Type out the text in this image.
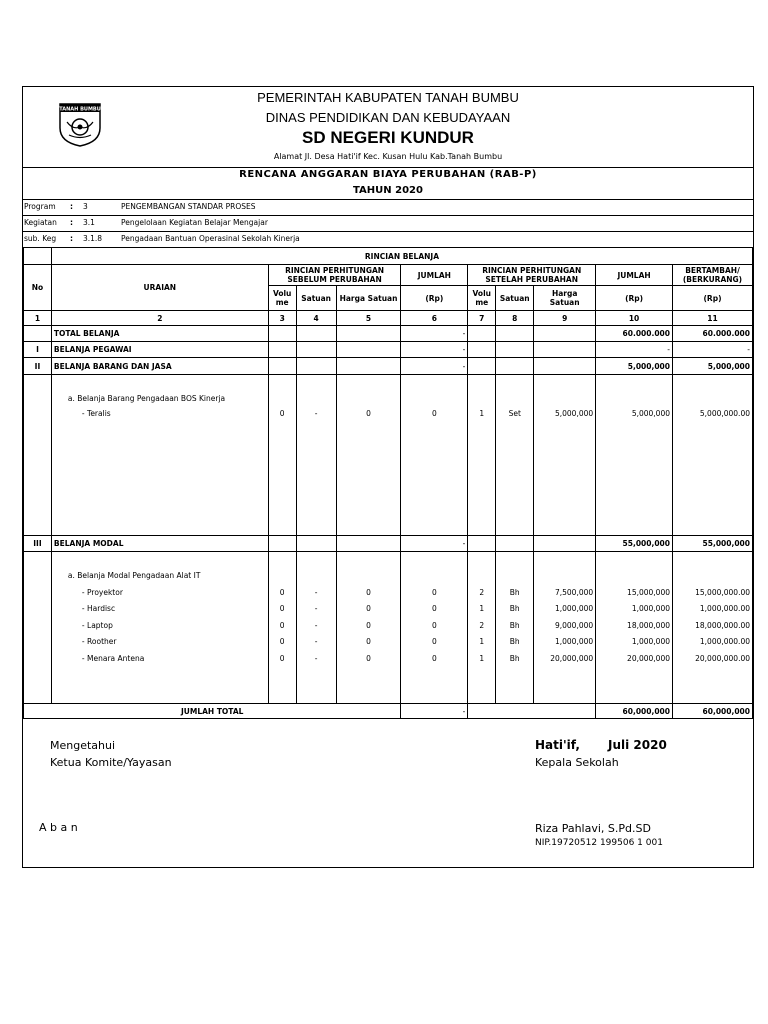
TANAH BUMBU
PEMERINTAH KABUPATEN TANAH BUMBU
DINAS PENDIDIKAN DAN KEBUDAYAAN
SD NEGERI KUNDUR
Alamat Jl. Desa Hati'if Kec. Kusan Hulu Kab.Tanah Bumbu
RENCANA ANGGARAN BIAYA PERUBAHAN (RAB-P)
TAHUN 2020
Program : 3	PENGEMBANGAN STANDAR PROSES
Kegiatan : 3.1	Pengelolaan Kegiatan Belajar Mengajar
sub. Keg : 3.1.8	Pengadaan Bantuan Operasinal Sekolah Kinerja
	RINCIAN BELANJA									
No	URAIAN	RINCIAN PERHITUNGAN SEBELUM PERUBAHAN			JUMLAH	RINCIAN PERHITUNGAN SETELAH PERUBAHAN			JUMLAH	BERTAMBAH/ (BERKURANG)
		Volu me	Satuan	Harga Satuan	(Rp)	Volu me	Satuan	Harga Satuan	(Rp)	(Rp)
1	2	3	4	5	6	7	8	9	10	11
	TOTAL BELANJA				-				60.000.000	60.000.000
I	BELANJA PEGAWAI				-				-	-
II	BELANJA BARANG DAN JASA				-				5,000,000	5,000,000

	a. Belanja Barang Pengadaan BOS Kinerja									
	- Teralis	0	-	0	0	1	Set	5,000,000	5,000,000	5,000,000.00

III	BELANJA MODAL				-				55,000,000	55,000,000

	a. Belanja Modal Pengadaan Alat IT									
	- Proyektor	0	-	0	0	2	Bh	7,500,000	15,000,000	15,000,000.00
	- Hardisc	0	-	0	0	1	Bh	1,000,000	1,000,000	1,000,000.00
	- Laptop	0	-	0	0	2	Bh	9,000,000	18,000,000	18,000,000.00
	- Roother	0	-	0	0	1	Bh	1,000,000	1,000,000	1,000,000.00
	- Menara Antena	0	-	0	0	1	Bh	20,000,000	20,000,000	20,000,000.00

JUMLAH TOTAL					-				60,000,000	60,000,000
Mengetahui
Ketua Komite/Yayasan
A b a n
Hati'if, Juli 2020
Kepala Sekolah
Riza Pahlavi, S.Pd.SD
NIP.19720512 199506 1 001
